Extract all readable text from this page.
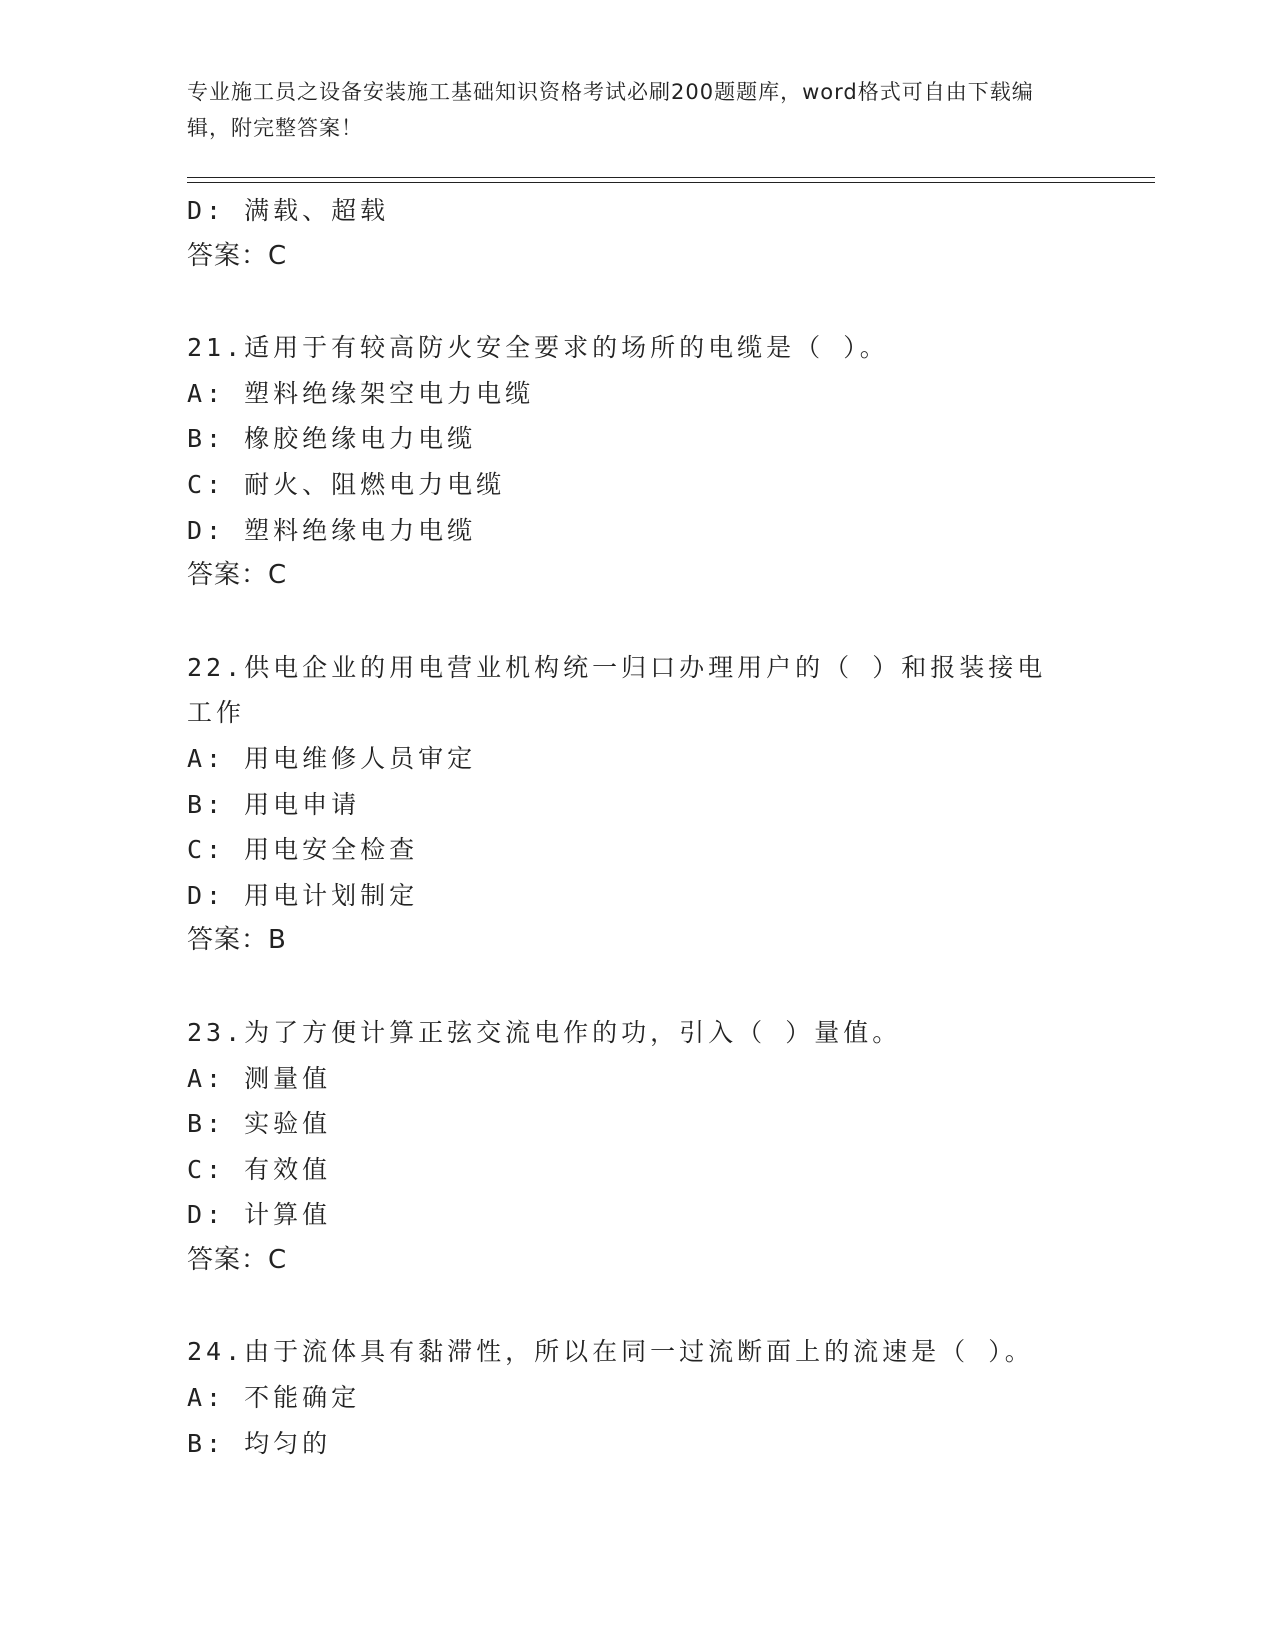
专业施工员之设备安装施工基础知识资格考试必刷200题题库，word格式可自由下载编辑，附完整答案！
D: 满载、超载
答案：C
21.适用于有较高防火安全要求的场所的电缆是（ ）。
A: 塑料绝缘架空电力电缆
B: 橡胶绝缘电力电缆
C: 耐火、阻燃电力电缆
D: 塑料绝缘电力电缆
答案：C
22.供电企业的用电营业机构统一归口办理用户的（ ）和报装接电工作
A: 用电维修人员审定
B: 用电申请
C: 用电安全检查
D: 用电计划制定
答案：B
23.为了方便计算正弦交流电作的功，引入（ ）量值。
A: 测量值
B: 实验值
C: 有效值
D: 计算值
答案：C
24.由于流体具有黏滞性，所以在同一过流断面上的流速是（ ）。
A: 不能确定
B: 均匀的
